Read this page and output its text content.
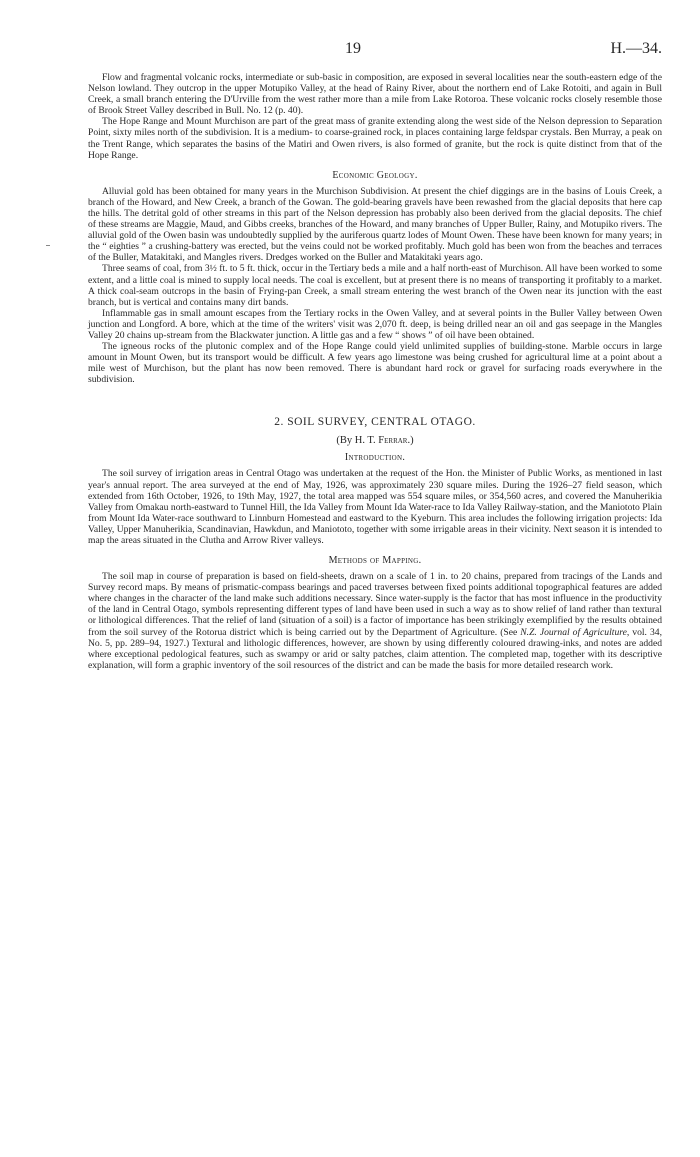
19	H.—34.

Flow and fragmental volcanic rocks, intermediate or sub-basic in composition, are exposed in several localities near the south-eastern edge of the Nelson lowland. They outcrop in the upper Motupiko Valley, at the head of Rainy River, about the northern end of Lake Rotoiti, and again in Bull Creek, a small branch entering the D'Urville from the west rather more than a mile from Lake Rotoroa. These volcanic rocks closely resemble those of Brook Street Valley described in Bull. No. 12 (p. 40).

The Hope Range and Mount Murchison are part of the great mass of granite extending along the west side of the Nelson depression to Separation Point, sixty miles north of the subdivision. It is a medium- to coarse-grained rock, in places containing large feldspar crystals. Ben Murray, a peak on the Trent Range, which separates the basins of the Matiri and Owen rivers, is also formed of granite, but the rock is quite distinct from that of the Hope Range.

Economic Geology.

Alluvial gold has been obtained for many years in the Murchison Subdivision. At present the chief diggings are in the basins of Louis Creek, a branch of the Howard, and New Creek, a branch of the Gowan. The gold-bearing gravels have been rewashed from the glacial deposits that here cap the hills. The detrital gold of other streams in this part of the Nelson depression has probably also been derived from the glacial deposits. The chief of these streams are Maggie, Maud, and Gibbs creeks, branches of the Howard, and many branches of Upper Buller, Rainy, and Motupiko rivers. The alluvial gold of the Owen basin was undoubtedly supplied by the auriferous quartz lodes of Mount Owen. These have been known for many years; in the “ eighties ” a crushing-battery was erected, but the veins could not be worked profitably. Much gold has been won from the beaches and terraces of the Buller, Matakitaki, and Mangles rivers. Dredges worked on the Buller and Matakitaki years ago.

Three seams of coal, from 3½ ft. to 5 ft. thick, occur in the Tertiary beds a mile and a half north-east of Murchison. All have been worked to some extent, and a little coal is mined to supply local needs. The coal is excellent, but at present there is no means of transporting it profitably to a market. A thick coal-seam outcrops in the basin of Frying-pan Creek, a small stream entering the west branch of the Owen near its junction with the east branch, but is vertical and contains many dirt bands.

Inflammable gas in small amount escapes from the Tertiary rocks in the Owen Valley, and at several points in the Buller Valley between Owen junction and Longford. A bore, which at the time of the writers' visit was 2,070 ft. deep, is being drilled near an oil and gas seepage in the Mangles Valley 20 chains up-stream from the Blackwater junction. A little gas and a few “ shows ” of oil have been obtained.

The igneous rocks of the plutonic complex and of the Hope Range could yield unlimited supplies of building-stone. Marble occurs in large amount in Mount Owen, but its transport would be difficult. A few years ago limestone was being crushed for agricultural lime at a point about a mile west of Murchison, but the plant has now been removed. There is abundant hard rock or gravel for surfacing roads everywhere in the subdivision.

2. SOIL SURVEY, CENTRAL OTAGO.
(By H. T. Ferrar.)
Introduction.

The soil survey of irrigation areas in Central Otago was undertaken at the request of the Hon. the Minister of Public Works, as mentioned in last year's annual report. The area surveyed at the end of May, 1926, was approximately 230 square miles. During the 1926–27 field season, which extended from 16th October, 1926, to 19th May, 1927, the total area mapped was 554 square miles, or 354,560 acres, and covered the Manuherikia Valley from Omakau north-eastward to Tunnel Hill, the Ida Valley from Mount Ida Water-race to Ida Valley Railway-station, and the Maniototo Plain from Mount Ida Water-race southward to Linnburn Homestead and eastward to the Kyeburn. This area includes the following irrigation projects: Ida Valley, Upper Manuherikia, Scandinavian, Hawkdun, and Maniototo, together with some irrigable areas in their vicinity. Next season it is intended to map the areas situated in the Clutha and Arrow River valleys.

Methods of Mapping.

The soil map in course of preparation is based on field-sheets, drawn on a scale of 1 in. to 20 chains, prepared from tracings of the Lands and Survey record maps. By means of prismatic-compass bearings and paced traverses between fixed points additional topographical features are added where changes in the character of the land make such additions necessary. Since water-supply is the factor that has most influence in the productivity of the land in Central Otago, symbols representing different types of land have been used in such a way as to show relief of land rather than textural or lithological differences. That the relief of land (situation of a soil) is a factor of importance has been strikingly exemplified by the results obtained from the soil survey of the Rotorua district which is being carried out by the Department of Agriculture. (See N.Z. Journal of Agriculture, vol. 34, No. 5, pp. 289–94, 1927.) Textural and lithologic differences, however, are shown by using differently coloured drawing-inks, and notes are added where exceptional pedological features, such as swampy or arid or salty patches, claim attention. The completed map, together with its descriptive explanation, will form a graphic inventory of the soil resources of the district and can be made the basis for more detailed research work.
